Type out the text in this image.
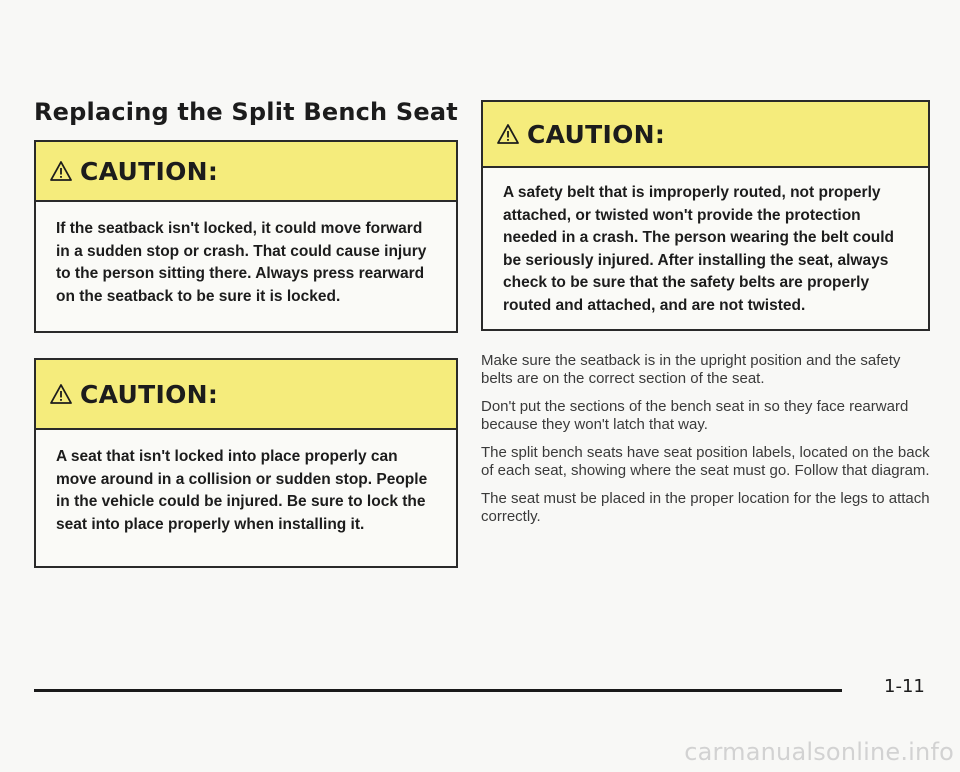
Replacing the Split Bench Seat
CAUTION:
If the seatback isn't locked, it could move forward in a sudden stop or crash. That could cause injury to the person sitting there. Always press rearward on the seatback to be sure it is locked.
CAUTION:
A seat that isn't locked into place properly can move around in a collision or sudden stop. People in the vehicle could be injured. Be sure to lock the seat into place properly when installing it.
CAUTION:
A safety belt that is improperly routed, not properly attached, or twisted won't provide the protection needed in a crash. The person wearing the belt could be seriously injured. After installing the seat, always check to be sure that the safety belts are properly routed and attached, and are not twisted.

Make sure the seatback is in the upright position and the safety belts are on the correct section of the seat.

Don't put the sections of the bench seat in so they face rearward because they won't latch that way.

The split bench seats have seat position labels, located on the back of each seat, showing where the seat must go. Follow that diagram.

The seat must be placed in the proper location for the legs to attach correctly.

1-11
carmanualsonline.info
